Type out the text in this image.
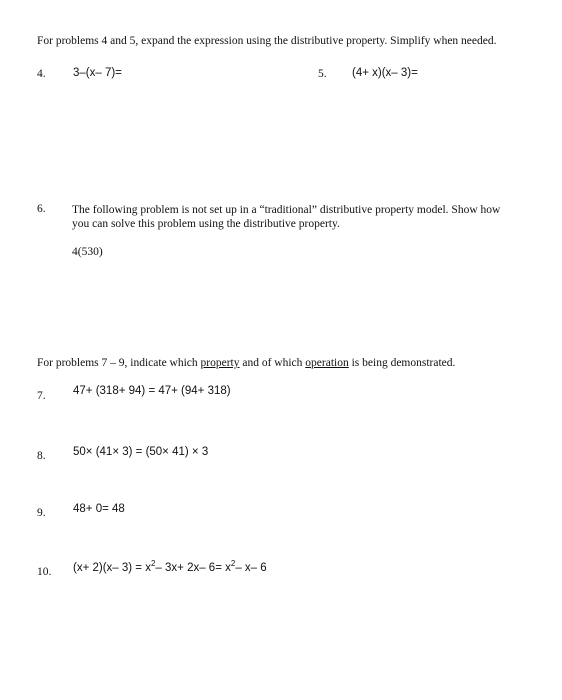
For problems 4 and 5, expand the expression using the distributive property. Simplify when needed.
4. 3–(x– 7)=	5. (4+ x)(x– 3)=
6. The following problem is not set up in a “traditional” distributive property model. Show how
you can solve this problem using the distributive property.
4(530)
For problems 7 – 9, indicate which property and of which operation is being demonstrated.
7. 47+ (318+ 94) = 47+ (94+ 318)
8. 50× (41× 3) = (50× 41) × 3
9. 48+ 0= 48
10. (x+ 2)(x– $3) = x^2-$ 3x+ 2x– $6= x^2-$ x– 6
